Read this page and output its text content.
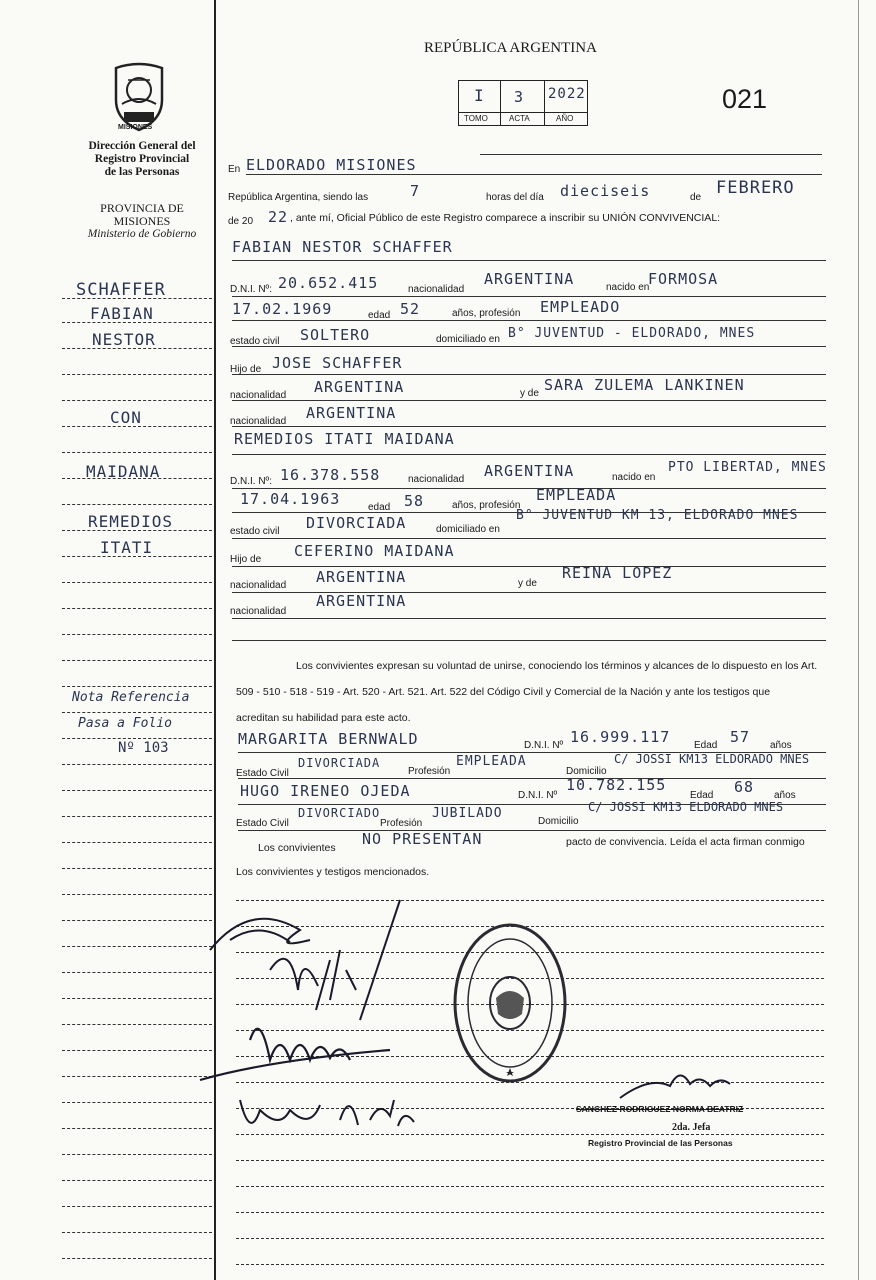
REPÚBLICA ARGENTINA
021
I 3 2022
TOMO	ACTA	AÑO
MISIONES
Dirección General del
Registro Provincial
de las Personas
PROVINCIA DE
MISIONES
Ministerio de Gobierno
SCHAFFER
FABIAN
NESTOR
CON
MAIDANA
REMEDIOS
ITATI
Nota Referencia
Pasa a Folio
Nº 103
En ELDORADO MISIONES
República Argentina, siendo las	7	horas del día dieciseis	de FEBRERO
de 20 22 , ante mí, Oficial Público de este Registro comparece a inscribir su UNIÓN CONVIVENCIAL:
FABIAN NESTOR SCHAFFER
D.N.I. Nº: 20.652.415	nacionalidad
ARGENTINA	nacido en
FORMOSA
17.02.1969	edad 52	años, profesión EMPLEADO
estado civil SOLTERO	domiciliado en B° JUVENTUD - ELDORADO, MNES
Hijo de JOSE SCHAFFER
nacionalidad ARGENTINA	y de SARA ZULEMA LANKINEN
nacionalidad ARGENTINA
REMEDIOS ITATI MAIDANA
D.N.I. Nº: 16.378.558	nacionalidad ARGENTINA	nacido en
PTO LIBERTAD, MNES
17.04.1963	edad 58	años, profesión
EMPLEADA
estado civil DIVORCIADA	domiciliado en
B° JUVENTUD KM 13, ELDORADO MNES
Hijo de CEFERINO MAIDANA
nacionalidad ARGENTINA	y de
REINA LOPEZ
nacionalidad
ARGENTINA
Los convivientes expresan su voluntad de unirse, conociendo los términos y alcances de lo dispuesto en los Art.
509 - 510 - 518 - 519 - Art. 520 - Art. 521. Art. 522 del Código Civil y Comercial de la Nación y ante los testigos que
acreditan su habilidad para este acto.
MARGARITA BERNWALD	D.N.I. Nº 16.999.117 Edad 57 años
Estado Civil
DIVORCIADA
Profesión
EMPLEADA
Domicilio
C/ JOSSI KM13 ELDORADO MNES
HUGO IRENEO OJEDA	D.N.I. Nº
10.782.155
Edad 68 años
Estado Civil
DIVORCIADO
Profesión
JUBILADO
Domicilio
C/ JOSSI KM13 ELDORADO MNES
Los convivientes NO PRESENTAN	pacto de convivencia. Leída el acta firman conmigo
Los convivientes y testigos mencionados.
SANCHEZ RODRIGUEZ NORMA BEATRIZ
2da. Jefa
Registro Provincial de las Personas
